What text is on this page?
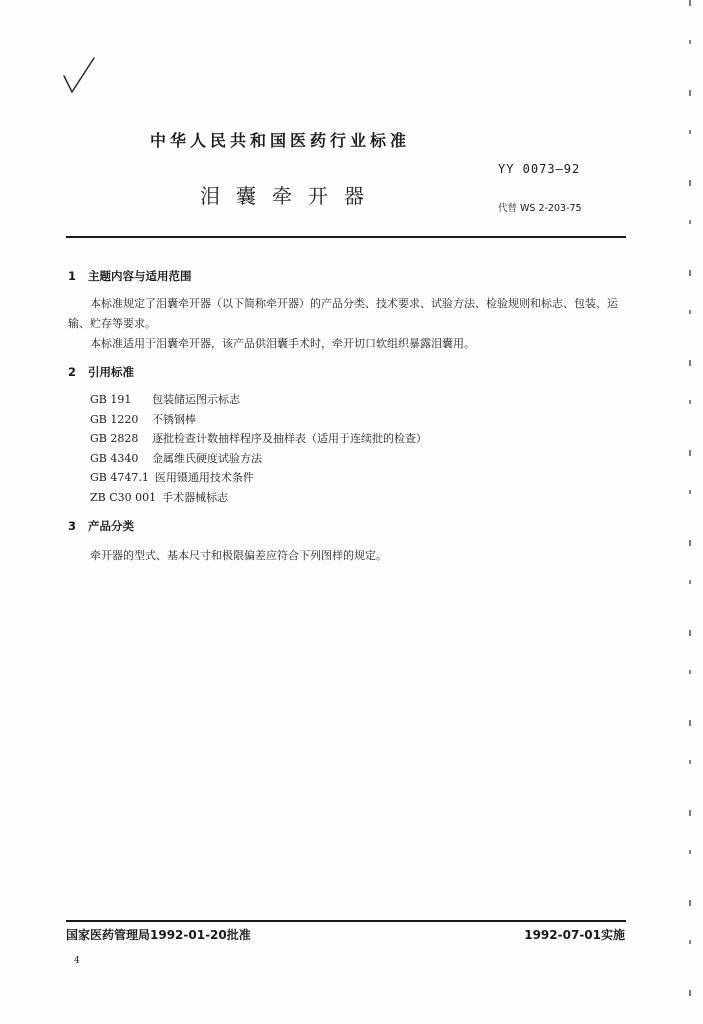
中华人民共和国医药行业标准
YY 0073—92
泪囊牵开器
代替 WS 2-203-75
1 主题内容与适用范围
本标准规定了泪囊牵开器（以下简称牵开器）的产品分类、技术要求、试验方法、检验规则和标志、包装、运输、贮存等要求。
本标准适用于泪囊牵开器，该产品供泪囊手术时，牵开切口软组织暴露泪囊用。
2 引用标准
GB 191 包装储运图示标志
GB 1220 不锈钢棒
GB 2828 逐批检查计数抽样程序及抽样表（适用于连续批的检查）
GB 4340 金属维氏硬度试验方法
GB 4747.1 医用镊通用技术条件
ZB C30 001 手术器械标志
3 产品分类
牵开器的型式、基本尺寸和极限偏差应符合下列图样的规定。
国家医药管理局1992-01-20批准	1992-07-01实施
4
